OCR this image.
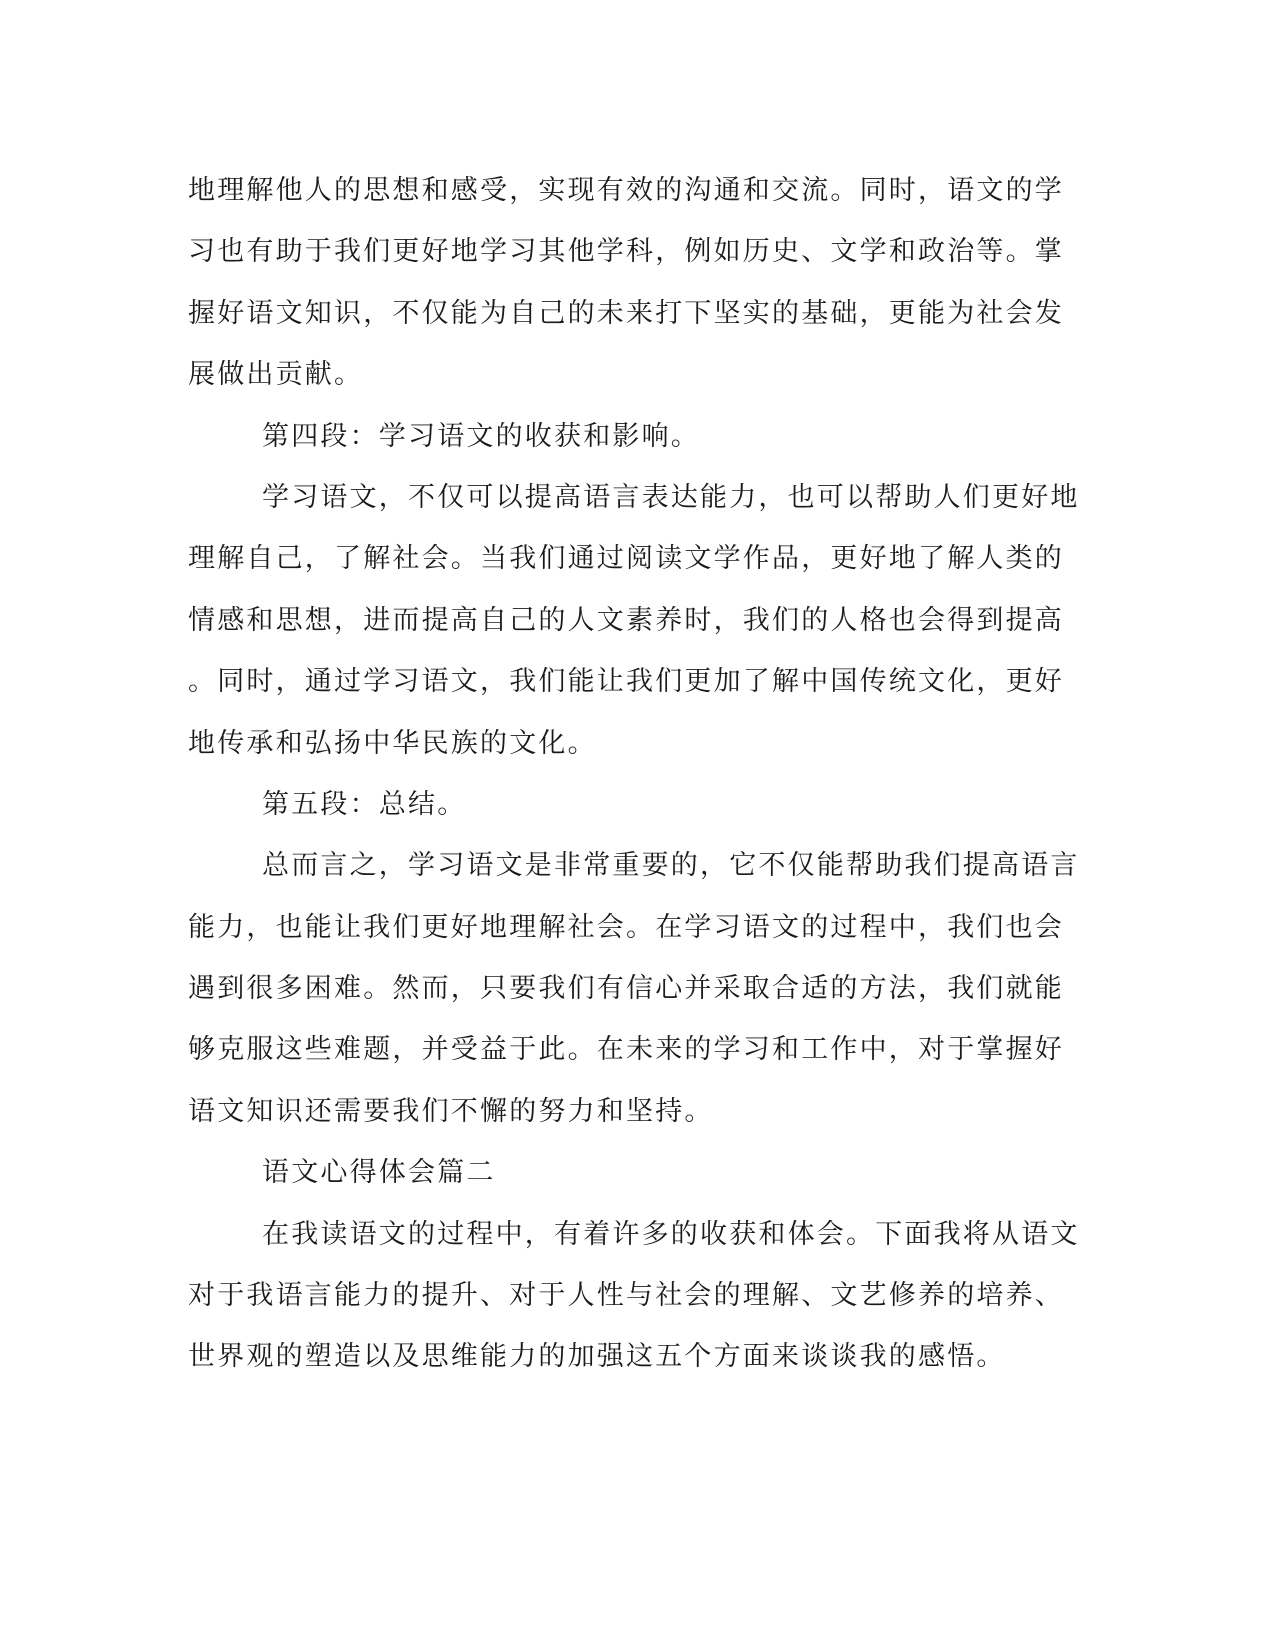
地理解他人的思想和感受，实现有效的沟通和交流。同时，语文的学
习也有助于我们更好地学习其他学科，例如历史、文学和政治等。掌
握好语文知识，不仅能为自己的未来打下坚实的基础，更能为社会发
展做出贡献。
第四段：学习语文的收获和影响。
学习语文，不仅可以提高语言表达能力，也可以帮助人们更好地
理解自己，了解社会。当我们通过阅读文学作品，更好地了解人类的
情感和思想，进而提高自己的人文素养时，我们的人格也会得到提高
。同时，通过学习语文，我们能让我们更加了解中国传统文化，更好
地传承和弘扬中华民族的文化。
第五段：总结。
总而言之，学习语文是非常重要的，它不仅能帮助我们提高语言
能力，也能让我们更好地理解社会。在学习语文的过程中，我们也会
遇到很多困难。然而，只要我们有信心并采取合适的方法，我们就能
够克服这些难题，并受益于此。在未来的学习和工作中，对于掌握好
语文知识还需要我们不懈的努力和坚持。
语文心得体会篇二
在我读语文的过程中，有着许多的收获和体会。下面我将从语文
对于我语言能力的提升、对于人性与社会的理解、文艺修养的培养、
世界观的塑造以及思维能力的加强这五个方面来谈谈我的感悟。
